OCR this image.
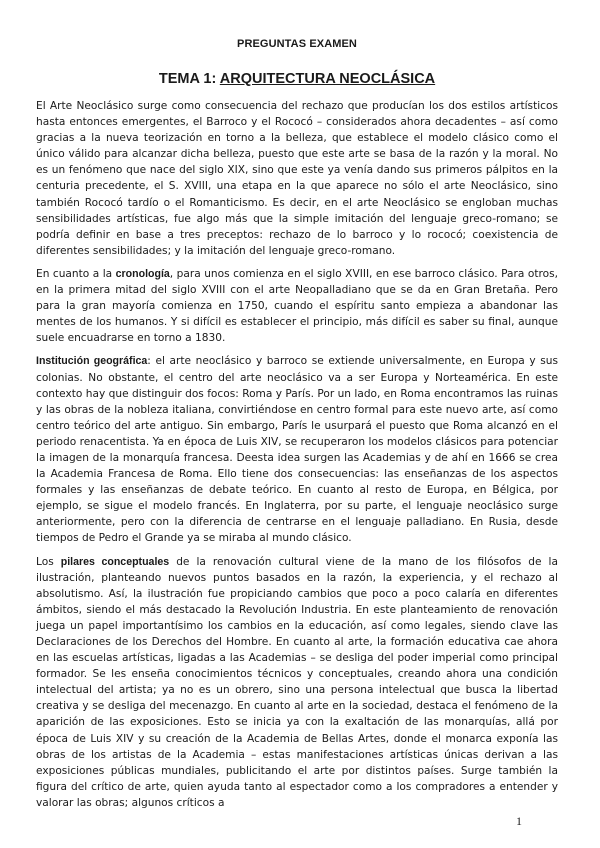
PREGUNTAS EXAMEN
TEMA 1: ARQUITECTURA NEOCLÁSICA

El Arte Neoclásico surge como consecuencia del rechazo que producían los dos estilos artísticos hasta entonces emergentes, el Barroco y el Rococó – considerados ahora decadentes – así como gracias a la nueva teorización en torno a la belleza, que establece el modelo clásico como el único válido para alcanzar dicha belleza, puesto que este arte se basa de la razón y la moral. No es un fenómeno que nace del siglo XIX, sino que este ya venía dando sus primeros pálpitos en la centuria precedente, el S. XVIII, una etapa en la que aparece no sólo el arte Neoclásico, sino también Rococó tardío o el Romanticismo. Es decir, en el arte Neoclásico se engloban muchas sensibilidades artísticas, fue algo más que la simple imitación del lenguaje greco-romano; se podría definir en base a tres preceptos: rechazo de lo barroco y lo rococó; coexistencia de diferentes sensibilidades; y la imitación del lenguaje greco-romano.

En cuanto a la cronología, para unos comienza en el siglo XVIII, en ese barroco clásico. Para otros, en la primera mitad del siglo XVIII con el arte Neopalladiano que se da en Gran Bretaña. Pero para la gran mayoría comienza en 1750, cuando el espíritu santo empieza a abandonar las mentes de los humanos. Y si difícil es establecer el principio, más difícil es saber su final, aunque suele encuadrarse en torno a 1830.

Institución geográfica: el arte neoclásico y barroco se extiende universalmente, en Europa y sus colonias. No obstante, el centro del arte neoclásico va a ser Europa y Norteamérica. En este contexto hay que distinguir dos focos: Roma y París. Por un lado, en Roma encontramos las ruinas y las obras de la nobleza italiana, convirtiéndose en centro formal para este nuevo arte, así como centro teórico del arte antiguo. Sin embargo, París le usurpará el puesto que Roma alcanzó en el periodo renacentista. Ya en época de Luis XIV, se recuperaron los modelos clásicos para potenciar la imagen de la monarquía francesa. Deesta idea surgen las Academias y de ahí en 1666 se crea la Academia Francesa de Roma. Ello tiene dos consecuencias: las enseñanzas de los aspectos formales y las enseñanzas de debate teórico. En cuanto al resto de Europa, en Bélgica, por ejemplo, se sigue el modelo francés. En Inglaterra, por su parte, el lenguaje neoclásico surge anteriormente, pero con la diferencia de centrarse en el lenguaje palladiano. En Rusia, desde tiempos de Pedro el Grande ya se miraba al mundo clásico.

Los pilares conceptuales de la renovación cultural viene de la mano de los filósofos de la ilustración, planteando nuevos puntos basados en la razón, la experiencia, y el rechazo al absolutismo. Así, la ilustración fue propiciando cambios que poco a poco calaría en diferentes ámbitos, siendo el más destacado la Revolución Industria. En este planteamiento de renovación juega un papel importantísimo los cambios en la educación, así como legales, siendo clave las Declaraciones de los Derechos del Hombre. En cuanto al arte, la formación educativa cae ahora en las escuelas artísticas, ligadas a las Academias – se desliga del poder imperial como principal formador. Se les enseña conocimientos técnicos y conceptuales, creando ahora una condición intelectual del artista; ya no es un obrero, sino una persona intelectual que busca la libertad creativa y se desliga del mecenazgo. En cuanto al arte en la sociedad, destaca el fenómeno de la aparición de las exposiciones. Esto se inicia ya con la exaltación de las monarquías, allá por época de Luis XIV y su creación de la Academia de Bellas Artes, donde el monarca exponía las obras de los artistas de la Academia – estas manifestaciones artísticas únicas derivan a las exposiciones públicas mundiales, publicitando el arte por distintos países. Surge también la figura del crítico de arte, quien ayuda tanto al espectador como a los compradores a entender y valorar las obras; algunos críticos a

1
